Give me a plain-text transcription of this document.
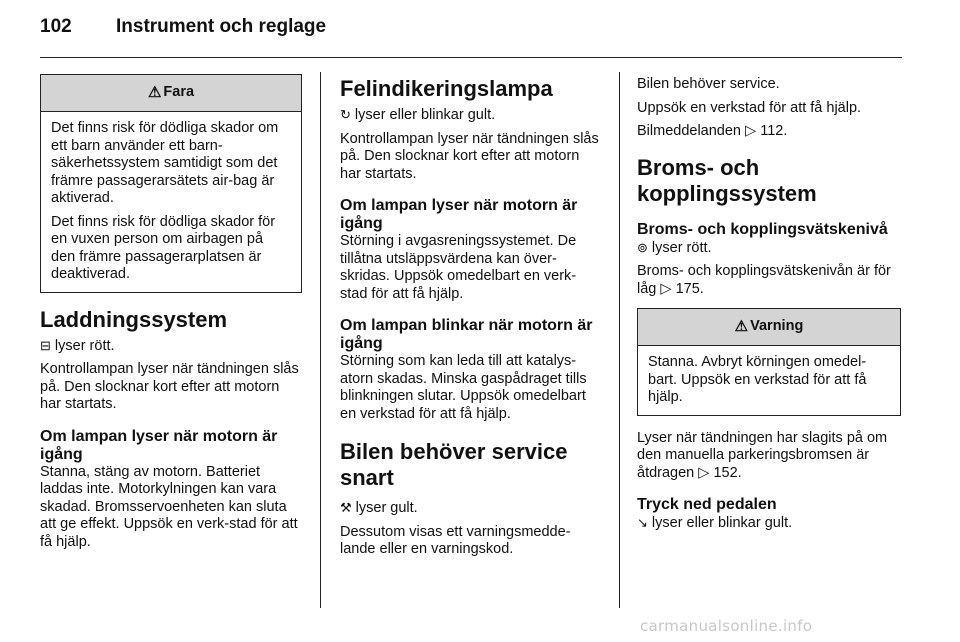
102 Instrument och reglage
⚠ Fara

Det finns risk för dödliga skador om ett barn använder ett barn-säkerhetssystem samtidigt som det främre passagerarsätets air-bag är aktiverad.

Det finns risk för dödliga skador för en vuxen person om airbagen på den främre passagerarplatsen är deaktiverad.

Laddningssystem

⊟ lyser rött.

Kontrollampan lyser när tändningen slås på. Den slocknar kort efter att motorn har startats.

Om lampan lyser när motorn är igång

Stanna, stäng av motorn. Batteriet laddas inte. Motorkylningen kan vara skadad. Bromsservoenheten kan sluta att ge effekt. Uppsök en verk-stad för att få hjälp.

Felindikeringslampa

↻ lyser eller blinkar gult.

Kontrollampan lyser när tändningen slås på. Den slocknar kort efter att motorn har startats.

Om lampan lyser när motorn är igång

Störning i avgasreningssystemet. De tillåtna utsläppsvärdena kan över-skridas. Uppsök omedelbart en verk-stad för att få hjälp.

Om lampan blinkar när motorn är igång

Störning som kan leda till att katalys-atorn skadas. Minska gaspådraget tills blinkningen slutar. Uppsök omedelbart en verkstad för att få hjälp.

Bilen behöver service snart

⚒ lyser gult.

Dessutom visas ett varningsmedde-lande eller en varningskod.

Bilen behöver service.

Uppsök en verkstad för att få hjälp.

Bilmeddelanden ▷ 112.

Broms- och kopplingssystem
Broms- och kopplingsvätskenivå

⊚ lyser rött.

Broms- och kopplingsvätskenivån är för låg ▷ 175.

⚠ Varning

Stanna. Avbryt körningen omedel-bart. Uppsök en verkstad för att få hjälp.

Lyser när tändningen har slagits på om den manuella parkeringsbromsen är åtdragen ▷ 152.

Tryck ned pedalen

↘ lyser eller blinkar gult.

carmanualsonline.info
